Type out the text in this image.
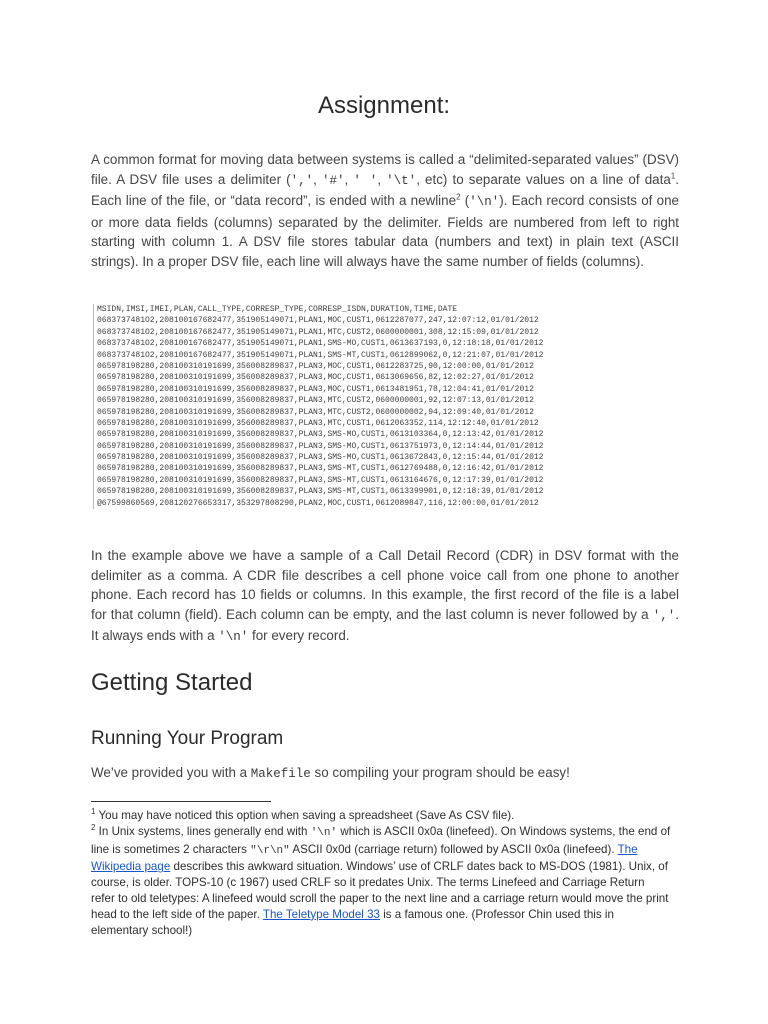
Assignment:

A common format for moving data between systems is called a “delimited-separated values” (DSV) file. A DSV file uses a delimiter (',', '#', ' ', '\t', etc) to separate values on a line of data$^1$. Each line of the file, or “data record”, is ended with a newline$^2$ ('\n'). Each record consists of one or more data fields (columns) separated by the delimiter. Fields are numbered from left to right starting with column 1. A DSV file stores tabular data (numbers and text) in plain text (ASCII strings). In a proper DSV file, each line will always have the same number of fields (columns).

MSIDN,IMSI,IMEI,PLAN,CALL_TYPE,CORRESP_TYPE,CORRESP_ISDN,DURATION,TIME,DATE
0683737481O2,2081001676824​77,351905149071,PLAN1,MOC,CUST1,0612287077,247,12:07:12,01/01/2012
0683737481O2,208100167682477,351905149071,PLAN1,MTC,CUST2,0600000001,308,12:15:09,01/01/2012
0683737481O2,208100167682477,351905149071,PLAN1,SMS-MO,CUST1,0613637193,0,12:18:18,01/01/2012
0683737481O2,208100167682477,351905149071,PLAN1,SMS-MT,CUST1,0612899062,0,12:21:07,01/01/2012
065978198280,208100310191699,356008289837,PLAN3,MOC,CUST1,0612283725,90,12:00:00,01/01/2012
065978198280,208100310191699,356008289837,PLAN3,MOC,CUST1,0613069656,82,12:02:27,01/01/2012
065978198280,208100310191699,356008289837,PLAN3,MOC,CUST1,0613481951,78,12:04:41,01/01/2012
065978198280,208100310191699,356008289837,PLAN3,MTC,CUST2,0600000001,92,12:07:13,01/01/2012
065978198280,208100310191699,356008289837,PLAN3,MTC,CUST2,0600000002,94,12:09:40,01/01/2012
065978198280,208100310191699,356008289837,PLAN3,MTC,CUST1,0612063352,114,12:12:40,01/01/2012
065978198280,208100310191699,356008289837,PLAN3,SMS-MO,CUST1,0613103364,0,12:13:42,01/01/2012
065978198280,208100310191699,356008289837,PLAN3,SMS-MO,CUST1,0613751973,0,12:14:44,01/01/2012
065978198280,208100310191699,356008289837,PLAN3,SMS-MO,CUST1,0613672843,0,12:15:44,01/01/2012
065978198280,208100310191699,356008289837,PLAN3,SMS-MT,CUST1,0612769488,0,12:16:42,01/01/2012
065978198280,208100310191699,356008289837,PLAN3,SMS-MT,CUST1,0613164676,0,12:17:39,01/01/2012
065978198280,208100310191699,356008289837,PLAN3,SMS-MT,CUST1,0613399901,0,12:18:39,01/01/2012
@67599860569,208120276653317,353297808290,PLAN2,MOC,CUST1,0612089847,116,12:00:00,01/01/2012

In the example above we have a sample of a Call Detail Record (CDR) in DSV format with the delimiter as a comma. A CDR file describes a cell phone voice call from one phone to another phone. Each record has 10 fields or columns. In this example, the first record of the file is a label for that column (field). Each column can be empty, and the last column is never followed by a ','. It always ends with a '\n' for every record.

Getting Started
Running Your Program

We’ve provided you with a Makefile so compiling your program should be easy!

$^1$ You may have noticed this option when saving a spreadsheet (Save As CSV file).

$^2$ In Unix systems, lines generally end with '\n' which is ASCII 0x0a (linefeed). On Windows systems, the end of line is sometimes 2 characters "\r\n" ASCII 0x0d (carriage return) followed by ASCII 0x0a (linefeed). The Wikipedia page describes this awkward situation. Windows’ use of CRLF dates back to MS-DOS (1981). Unix, of course, is older. TOPS-10 (c 1967) used CRLF so it predates Unix. The terms Linefeed and Carriage Return refer to old teletypes: A linefeed would scroll the paper to the next line and a carriage return would move the print head to the left side of the paper. The Teletype Model 33 is a famous one. (Professor Chin used this in elementary school!)
